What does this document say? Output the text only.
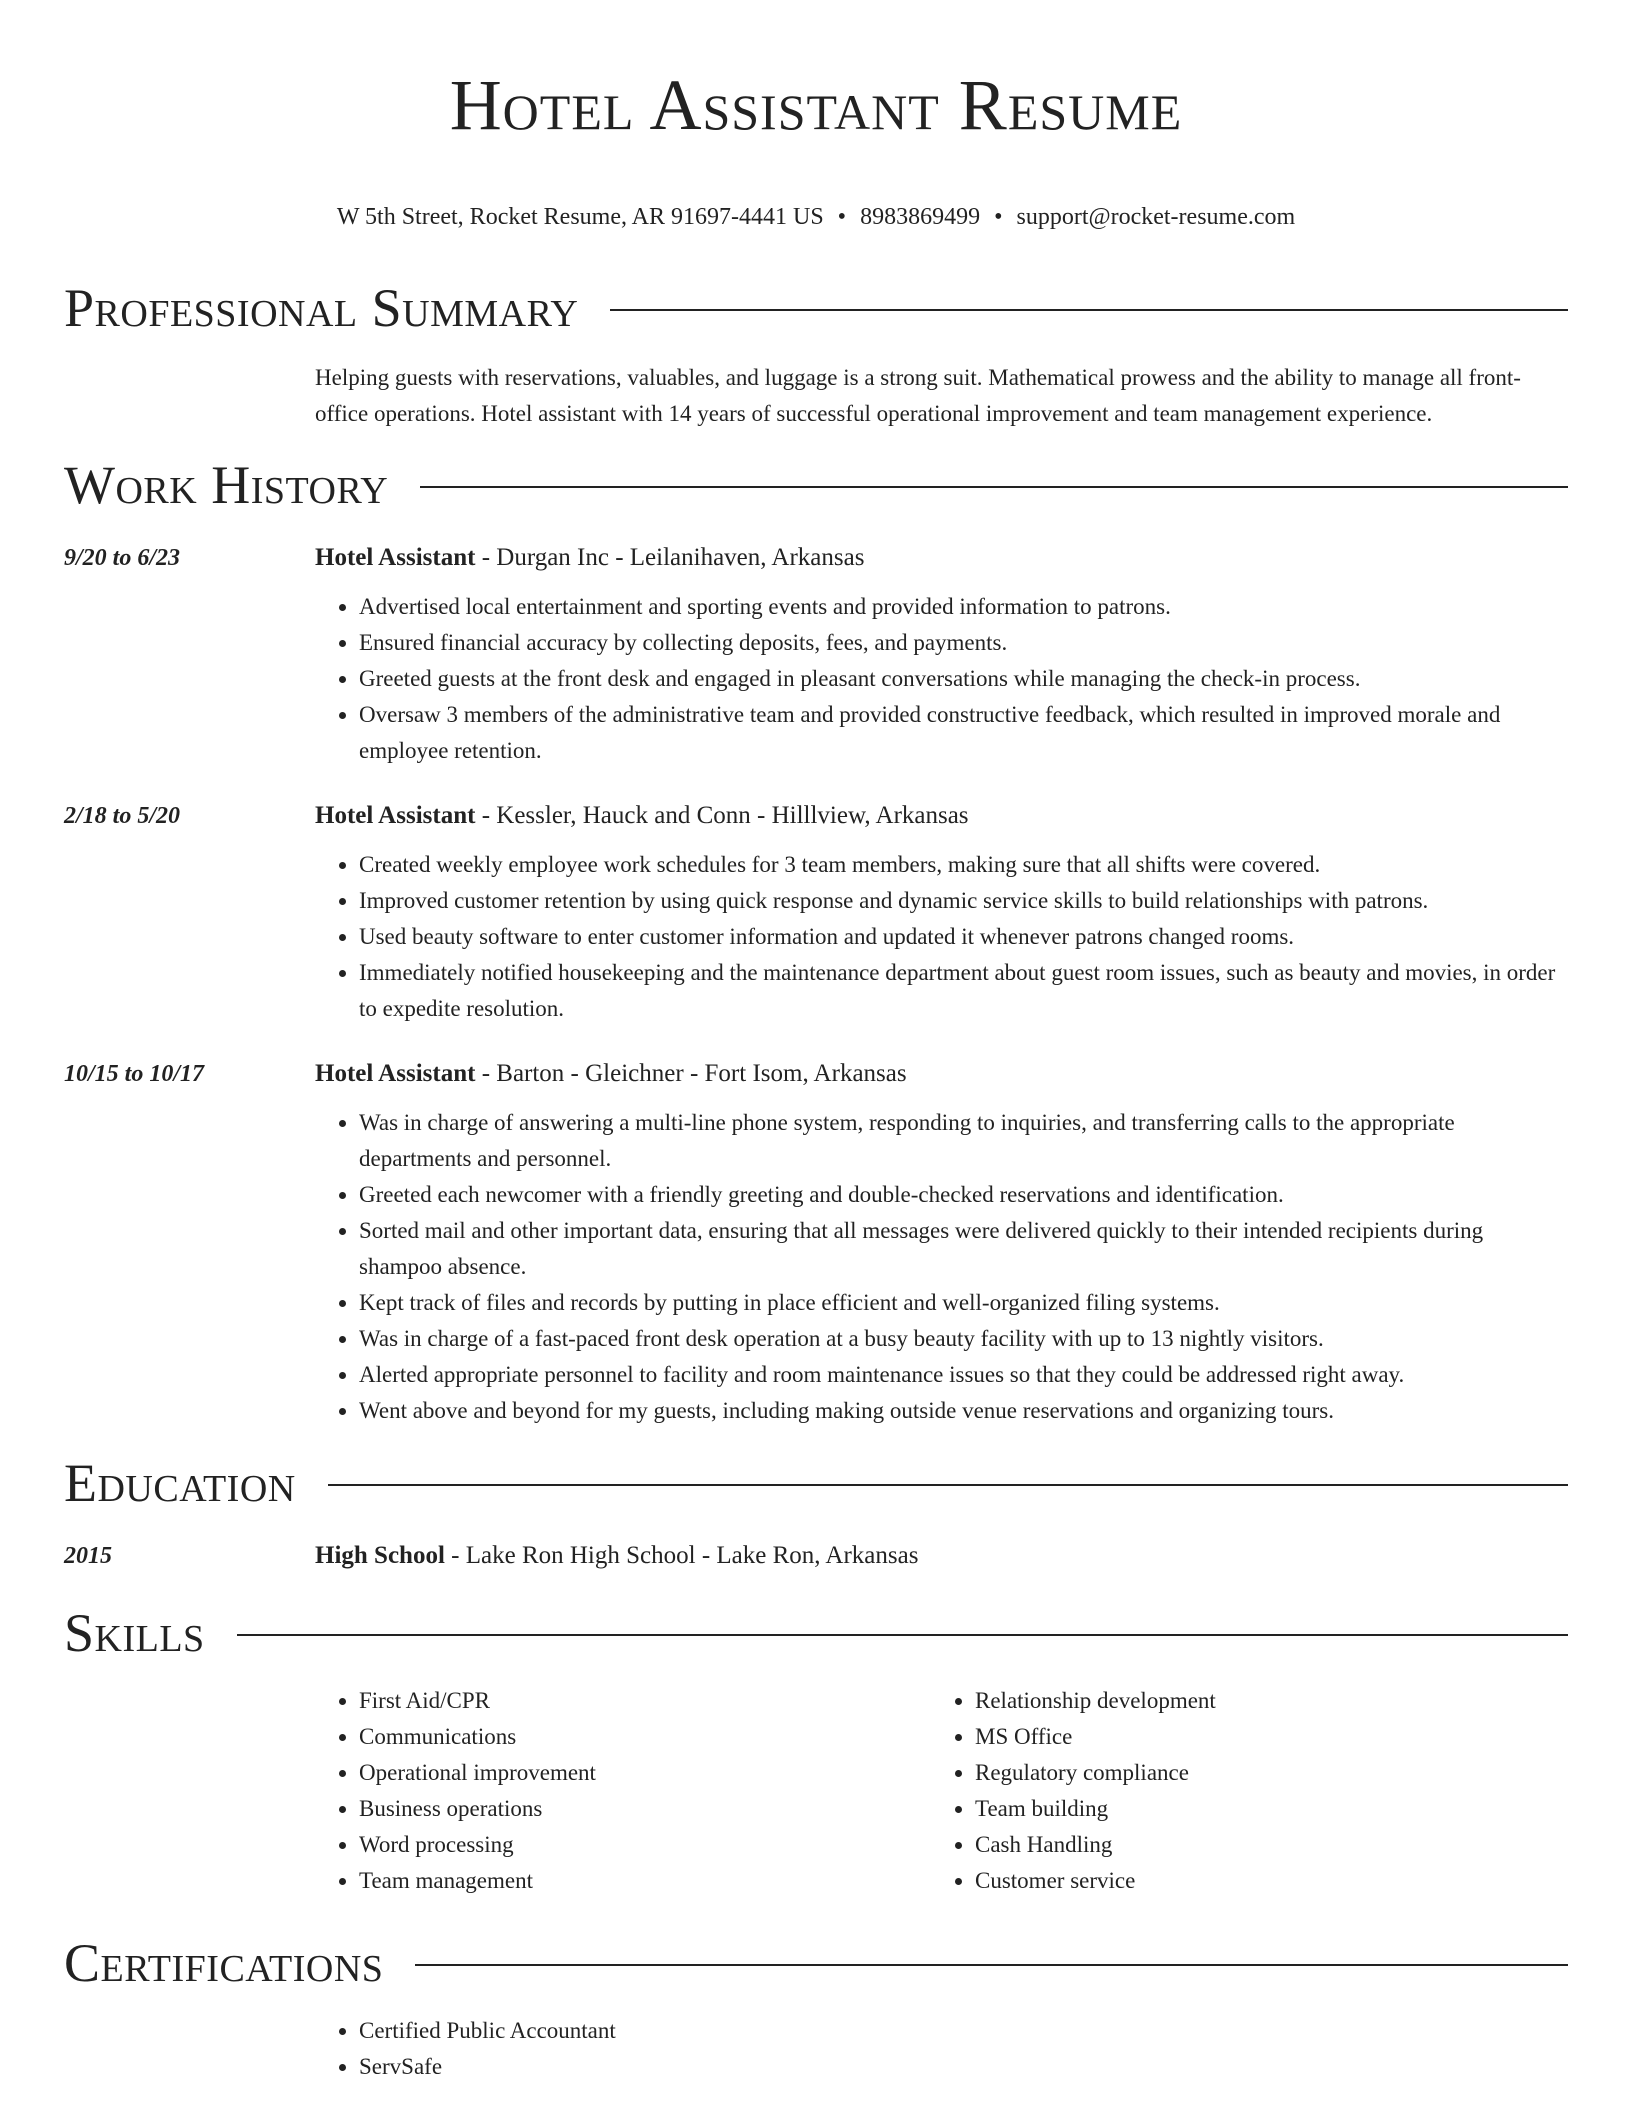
Hotel Assistant Resume
W 5th Street, Rocket Resume, AR 91697-4441 US • 8983869499 • support@rocket-resume.com
Professional Summary

Helping guests with reservations, valuables, and luggage is a strong suit. Mathematical prowess and the ability to manage all front-office operations. Hotel assistant with 14 years of successful operational improvement and team management experience.

Work History
9/20 to 6/23	Hotel Assistant - Durgan Inc - Leilanihaven, Arkansas
• Advertised local entertainment and sporting events and provided information to patrons.
• Ensured financial accuracy by collecting deposits, fees, and payments.
• Greeted guests at the front desk and engaged in pleasant conversations while managing the check-in process.
• Oversaw 3 members of the administrative team and provided constructive feedback, which resulted in improved morale and employee retention.
2/18 to 5/20	Hotel Assistant - Kessler, Hauck and Conn - Hilllview, Arkansas
• Created weekly employee work schedules for 3 team members, making sure that all shifts were covered.
• Improved customer retention by using quick response and dynamic service skills to build relationships with patrons.
• Used beauty software to enter customer information and updated it whenever patrons changed rooms.
• Immediately notified housekeeping and the maintenance department about guest room issues, such as beauty and movies, in order to expedite resolution.
10/15 to 10/17	Hotel Assistant - Barton - Gleichner - Fort Isom, Arkansas
• Was in charge of answering a multi-line phone system, responding to inquiries, and transferring calls to the appropriate departments and personnel.
• Greeted each newcomer with a friendly greeting and double-checked reservations and identification.
• Sorted mail and other important data, ensuring that all messages were delivered quickly to their intended recipients during shampoo absence.
• Kept track of files and records by putting in place efficient and well-organized filing systems.
• Was in charge of a fast-paced front desk operation at a busy beauty facility with up to 13 nightly visitors.
• Alerted appropriate personnel to facility and room maintenance issues so that they could be addressed right away.
• Went above and beyond for my guests, including making outside venue reservations and organizing tours.
Education
2015	High School - Lake Ron High School - Lake Ron, Arkansas
Skills
• First Aid/CPR
• Communications
• Operational improvement
• Business operations
• Word processing
• Team management
• Relationship development
• MS Office
• Regulatory compliance
• Team building
• Cash Handling
• Customer service
Certifications
• Certified Public Accountant
• ServSafe
